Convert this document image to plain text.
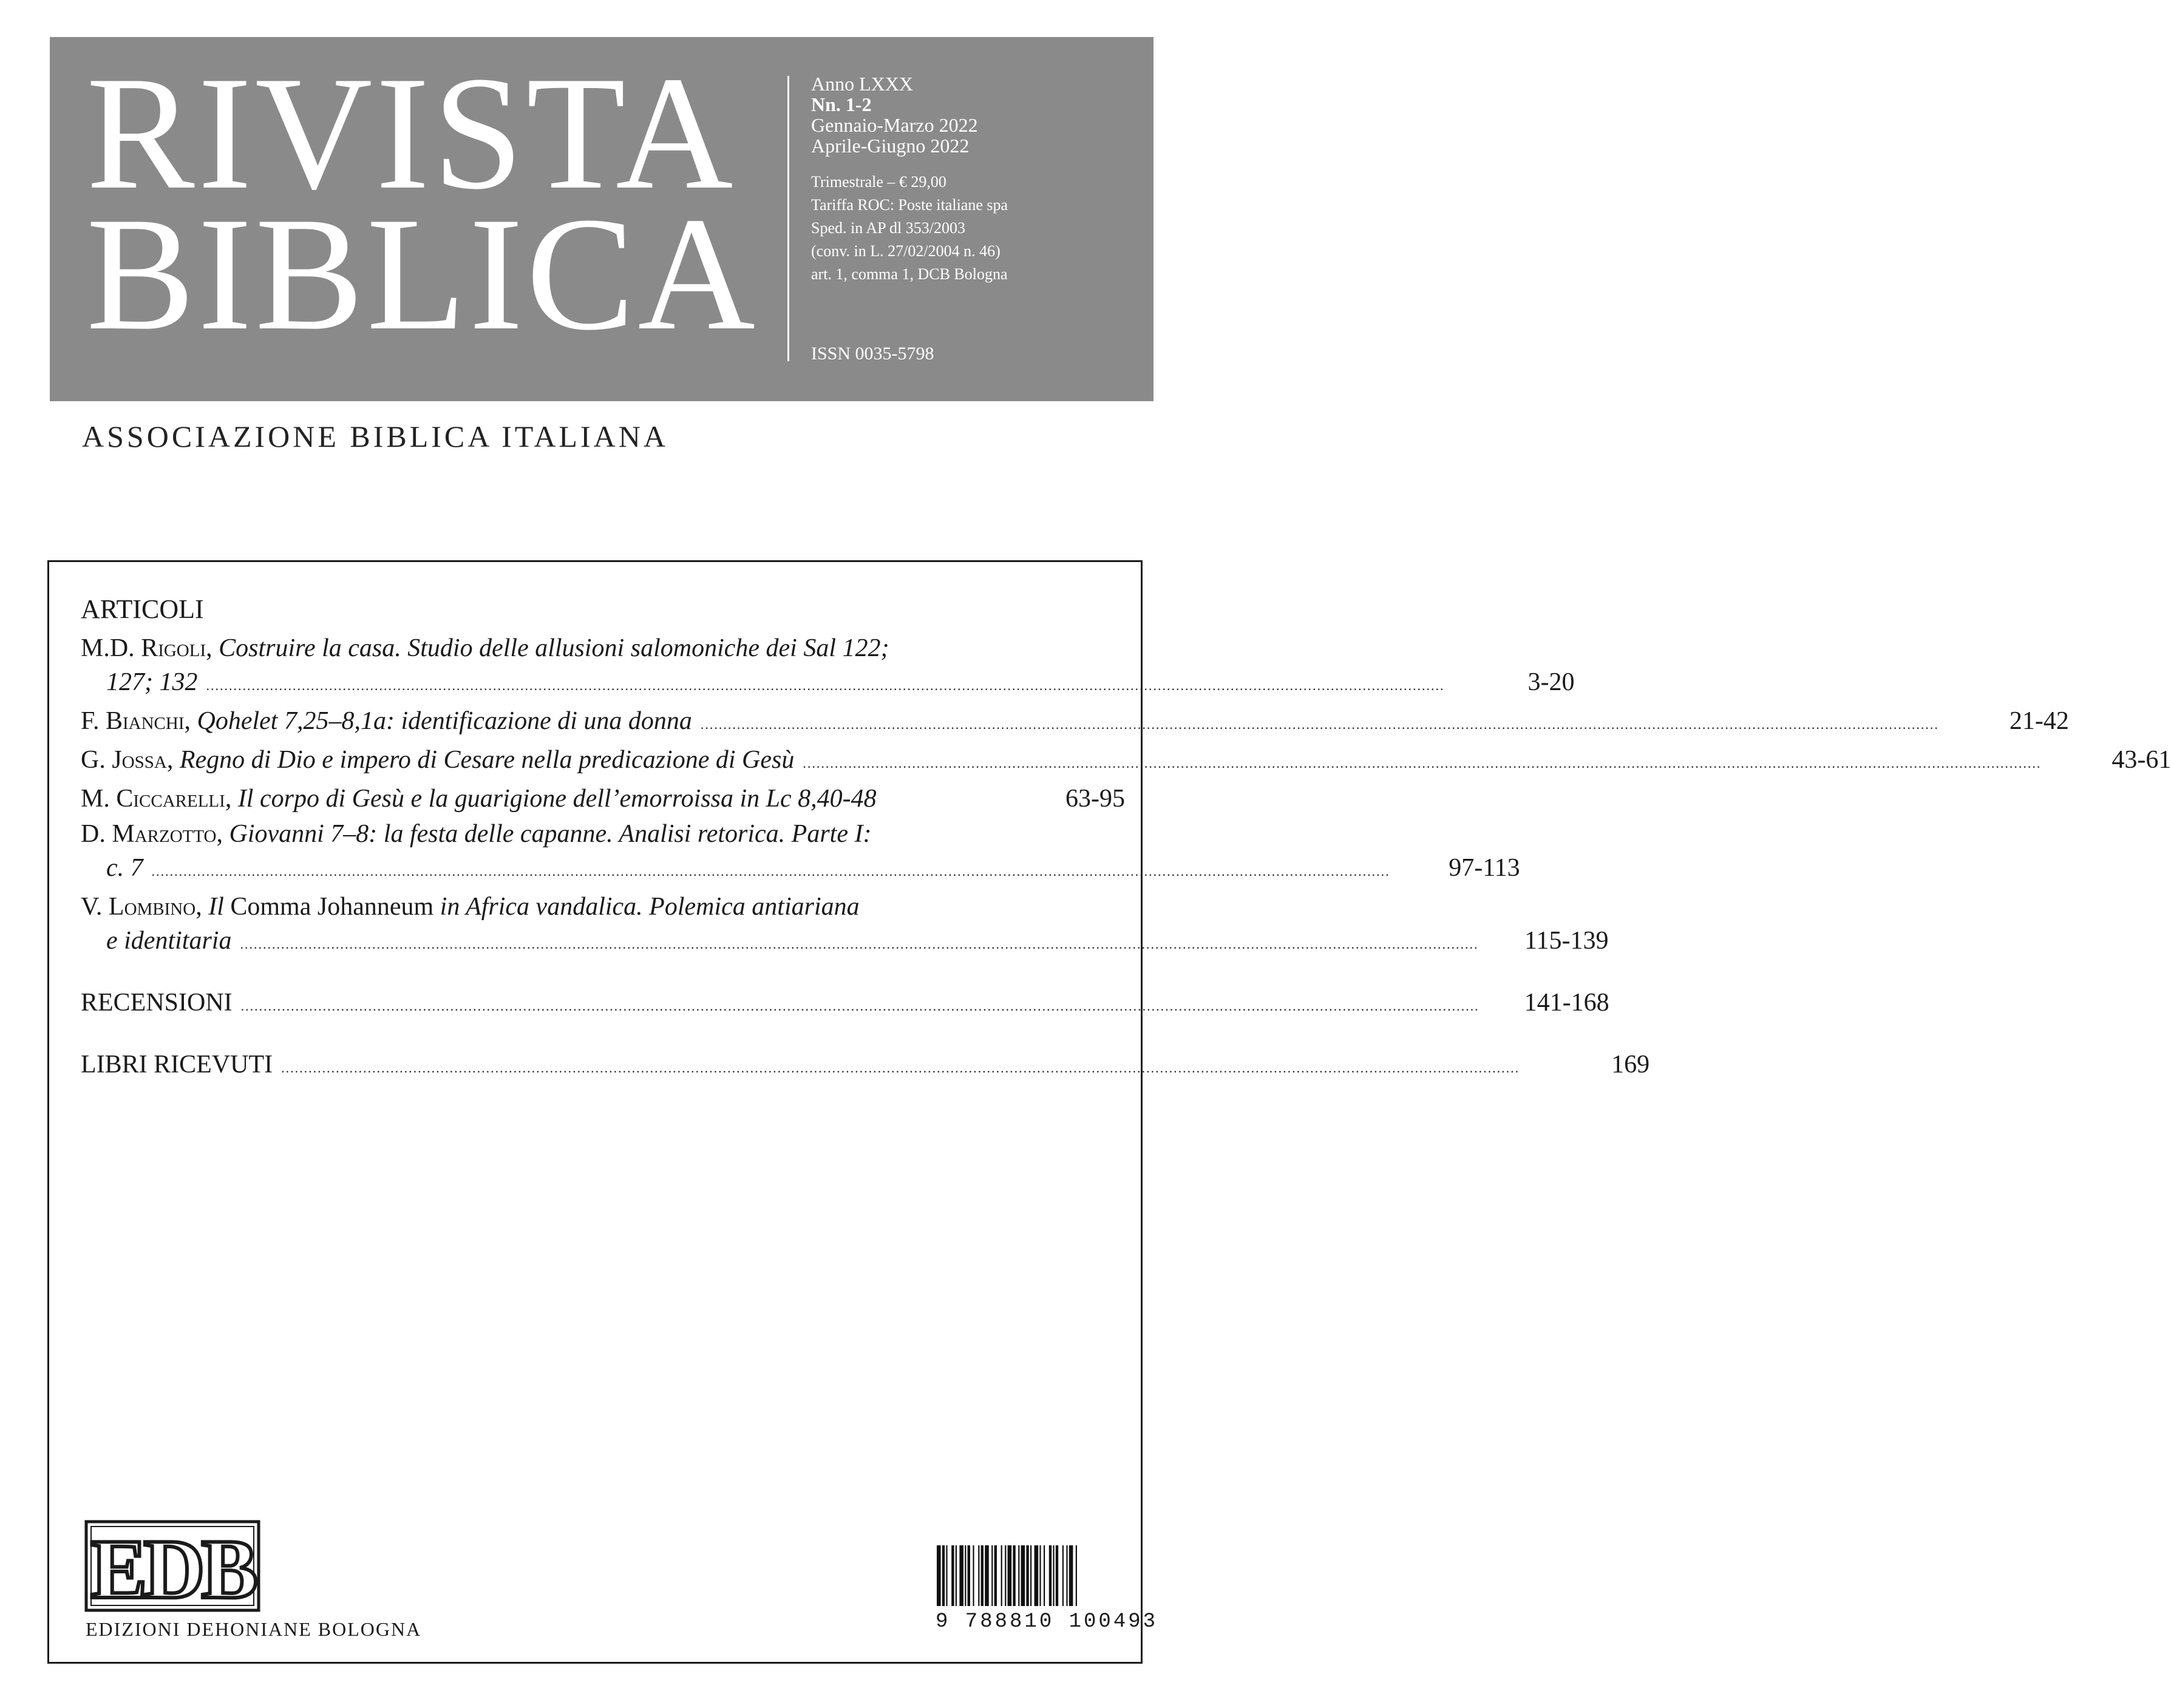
RIVISTA
BIBLICA
Anno LXXX
Nn. 1-2
Gennaio-Marzo 2022
Aprile-Giugno 2022
Trimestrale – € 29,00
Tariffa ROC: Poste italiane spa
Sped. in AP dl 353/2003
(conv. in L. 27/02/2004 n. 46)
art. 1, comma 1, DCB Bologna
ISSN 0035-5798
ASSOCIAZIONE BIBLICA ITALIANA
ARTICOLI
M.D. Rigoli, Costruire la casa. Studio delle allusioni salomoniche dei Sal 122;
127; 132 ................................................................................................................................................................................................................................................................................	3-20
F. Bianchi, Qohelet 7,25–8,1a: identificazione di una donna ................................................................................................................................................................................................................................................................................	21-42
G. Jossa, Regno di Dio e impero di Cesare nella predicazione di Gesù ................................................................................................................................................................................................................................................................................	43-61
M. Ciccarelli, Il corpo di Gesù e la guarigione dell’emorroissa in Lc 8,40-48	63-95
D. Marzotto, Giovanni 7–8: la festa delle capanne. Analisi retorica. Parte I:
c. 7 ................................................................................................................................................................................................................................................................................	97-113
V. Lombino, Il Comma Johanneum in Africa vandalica. Polemica antiariana
e identitaria ................................................................................................................................................................................................................................................................................	115-139
RECENSIONI ................................................................................................................................................................................................................................................................................	141-168
LIBRI RICEVUTI ................................................................................................................................................................................................................................................................................	169
EDB
EDIZIONI DEHONIANE BOLOGNA	9 788810 100493
